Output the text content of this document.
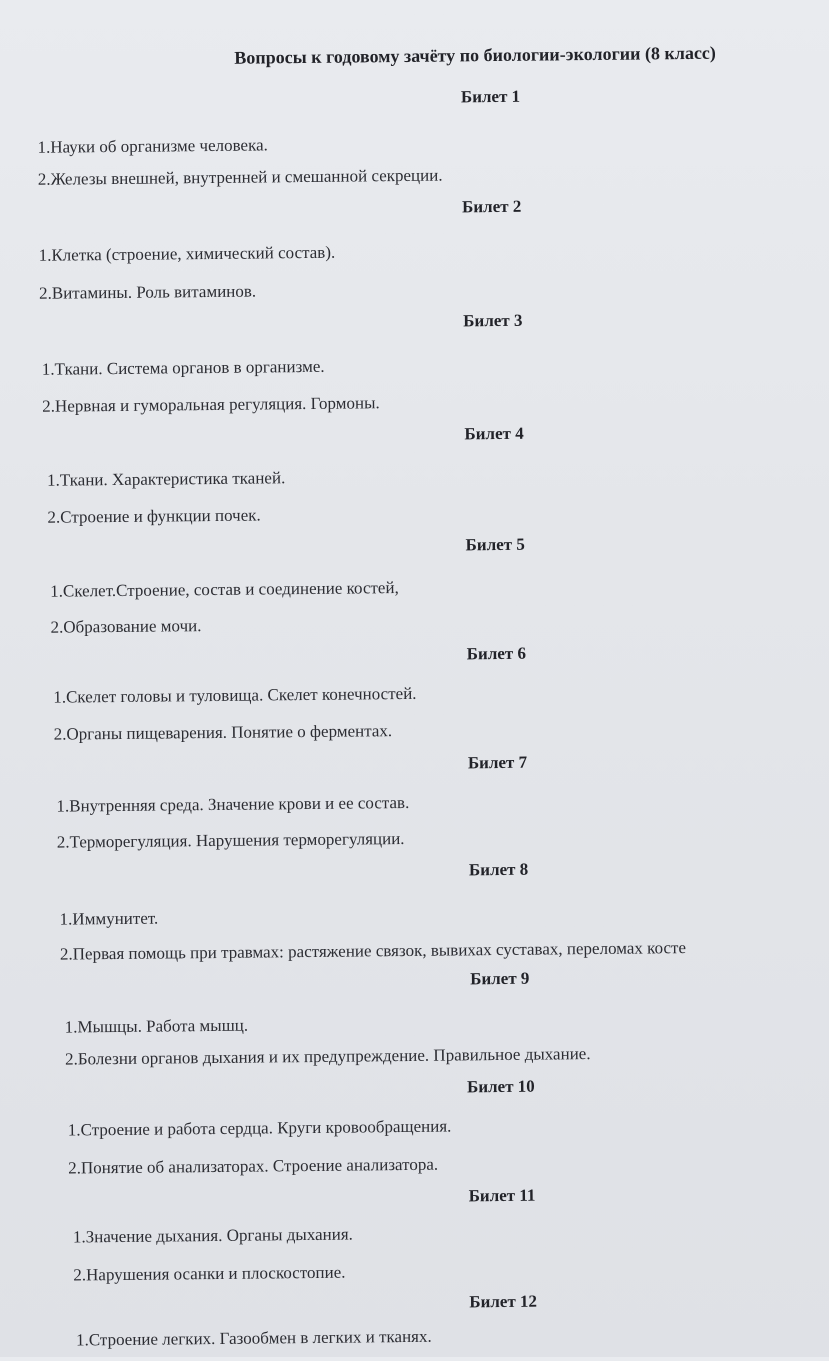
Вопросы к годовому зачёту по биологии-экологии (8 класс)
Билет 1
1.Науки об организме человека.
2.Железы внешней, внутренней и смешанной секреции.
Билет 2
1.Клетка (строение, химический состав).
2.Витамины. Роль витаминов.
Билет 3
1.Ткани. Система органов в организме.
2.Нервная и гуморальная регуляция. Гормоны.
Билет 4
1.Ткани. Характеристика тканей.
2.Строение и функции почек.
Билет 5
1.Скелет.Строение, состав и соединение костей,
2.Образование мочи.
Билет 6
1.Скелет головы и туловища. Скелет конечностей.
2.Органы пищеварения. Понятие о ферментах.
Билет 7
1.Внутренняя среда. Значение крови и ее состав.
2.Терморегуляция. Нарушения терморегуляции.
Билет 8
1.Иммунитет.
2.Первая помощь при травмах: растяжение связок, вывихах суставах, переломах косте
Билет 9
1.Мышцы. Работа мышц.
2.Болезни органов дыхания и их предупреждение. Правильное дыхание.
Билет 10
1.Строение и работа сердца. Круги кровообращения.
2.Понятие об анализаторах. Строение анализатора.
Билет 11
1.Значение дыхания. Органы дыхания.
2.Нарушения осанки и плоскостопие.
Билет 12
1.Строение легких. Газообмен в легких и тканях.
